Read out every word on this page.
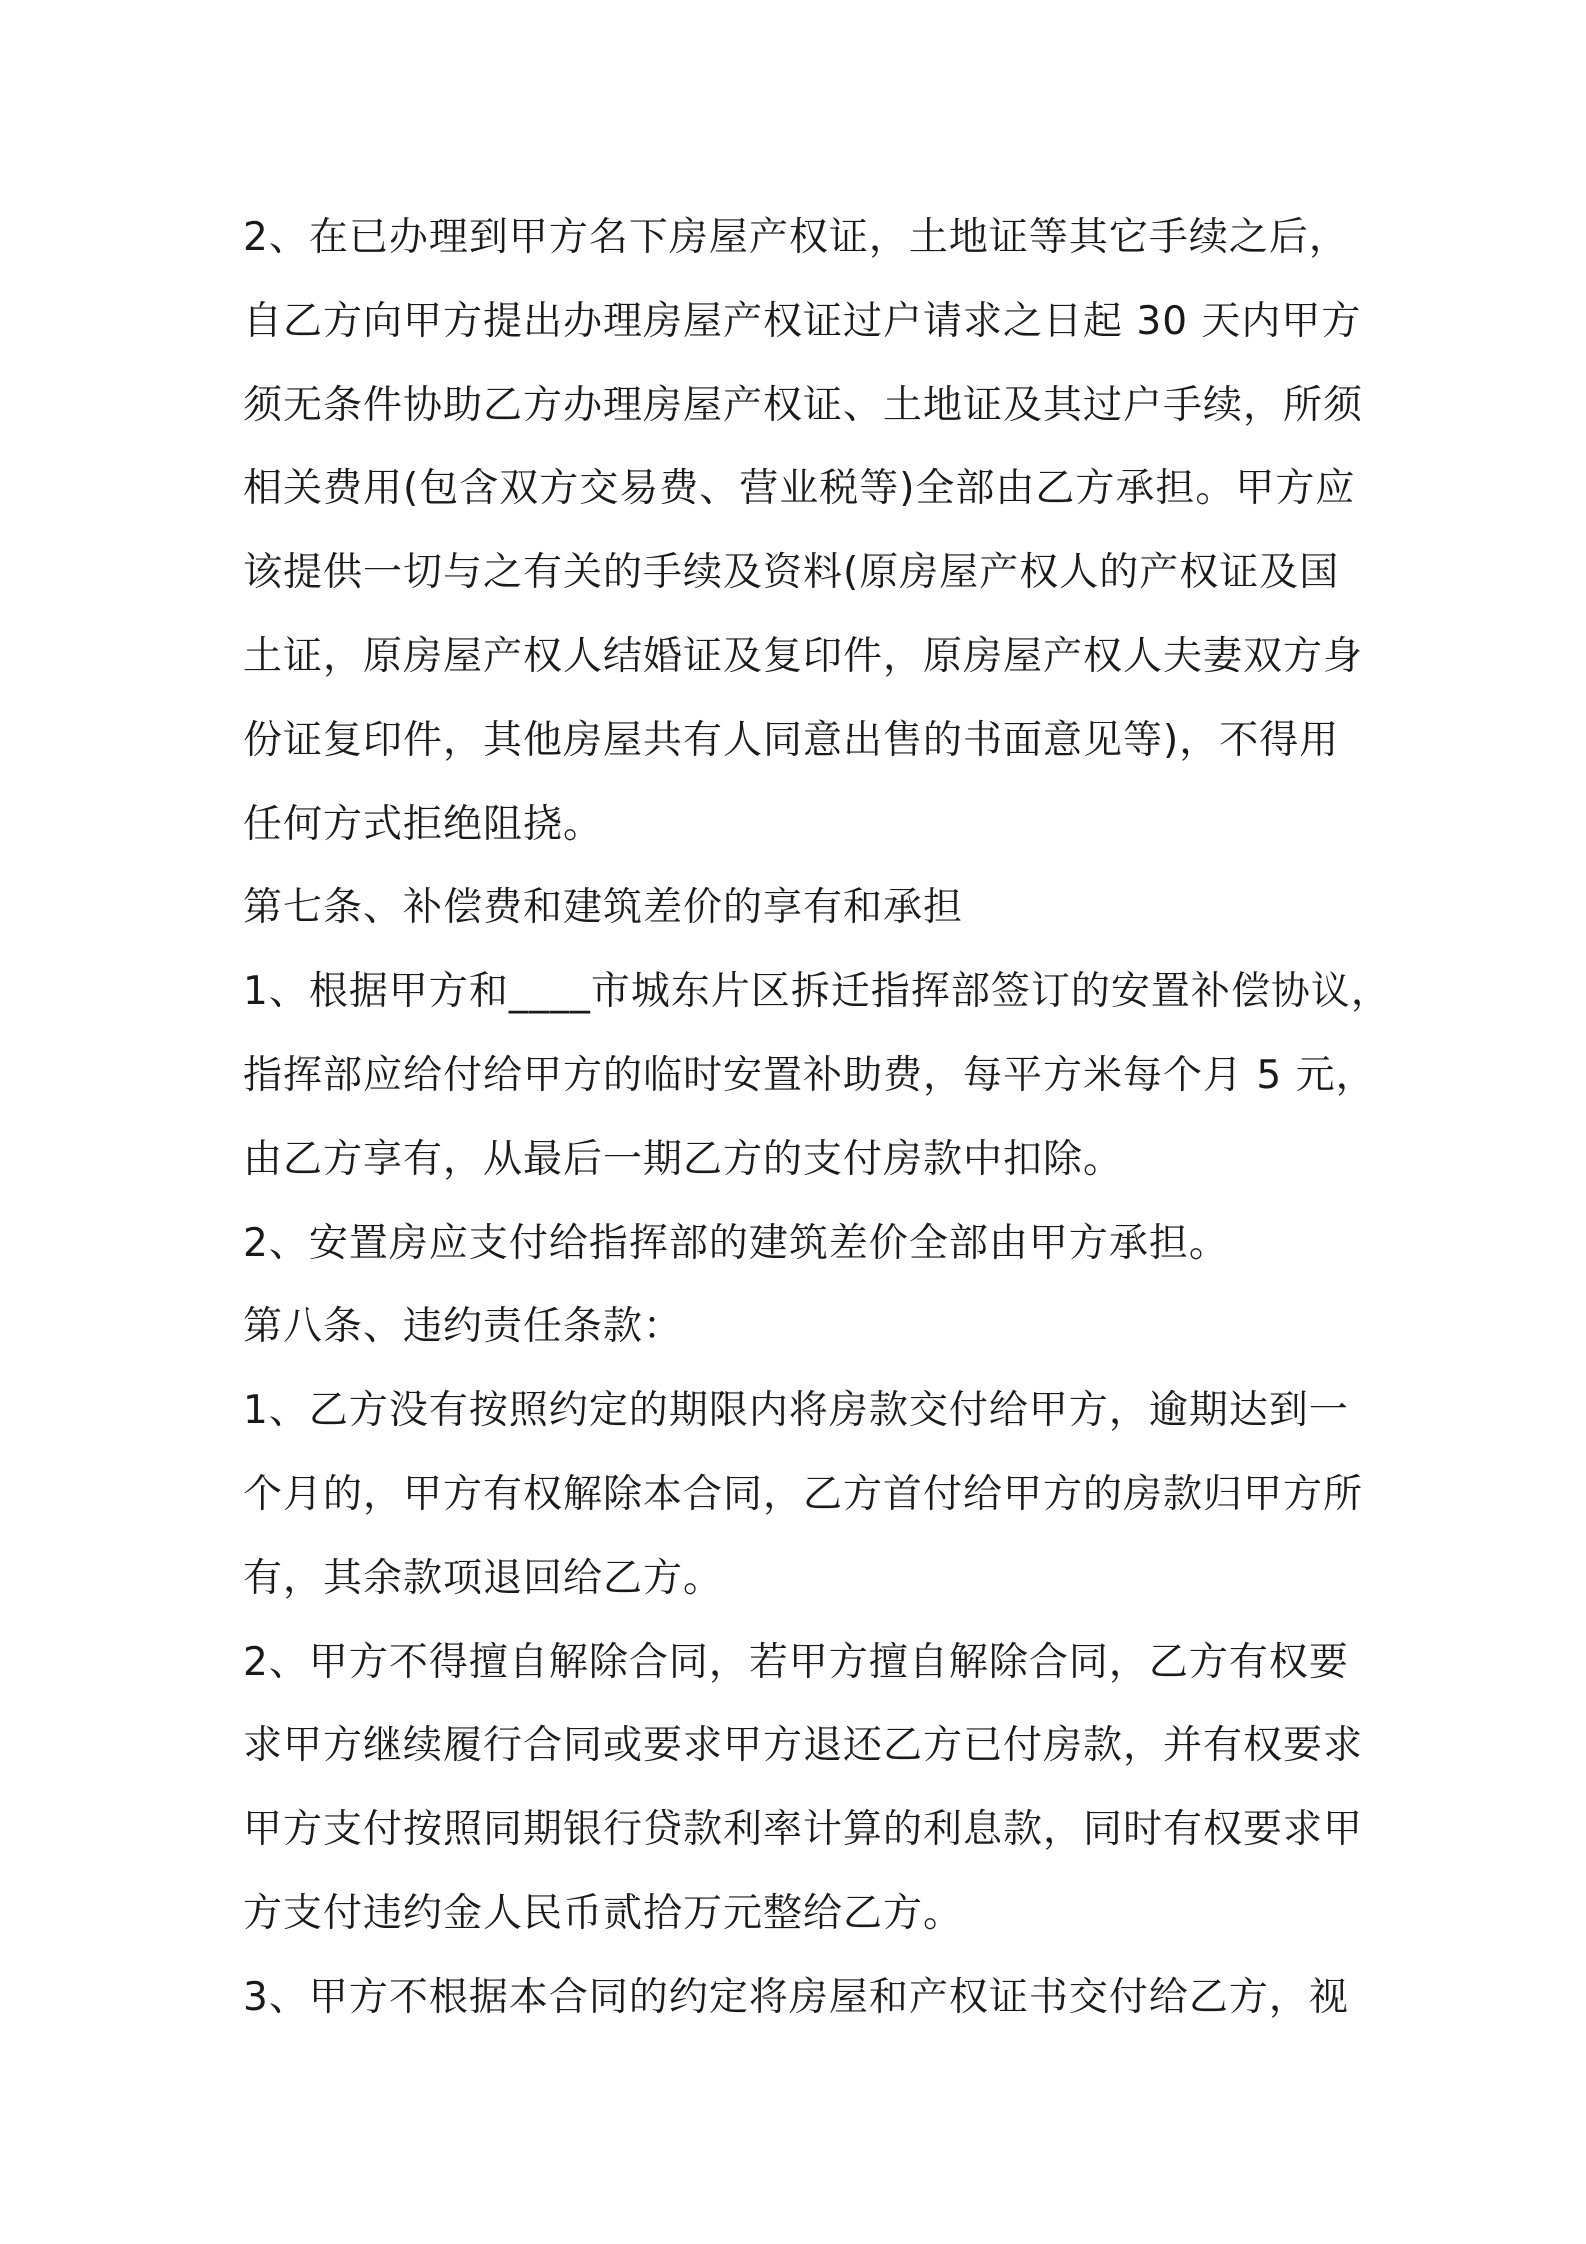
2、在已办理到甲方名下房屋产权证，土地证等其它手续之后，
自乙方向甲方提出办理房屋产权证过户请求之日起 30 天内甲方
须无条件协助乙方办理房屋产权证、土地证及其过户手续，所须
相关费用(包含双方交易费、营业税等)全部由乙方承担。甲方应
该提供一切与之有关的手续及资料(原房屋产权人的产权证及国
土证，原房屋产权人结婚证及复印件，原房屋产权人夫妻双方身
份证复印件，其他房屋共有人同意出售的书面意见等)，不得用
任何方式拒绝阻挠。
第七条、补偿费和建筑差价的享有和承担
1、根据甲方和____市城东片区拆迁指挥部签订的安置补偿协议，
指挥部应给付给甲方的临时安置补助费，每平方米每个月 5 元，
由乙方享有，从最后一期乙方的支付房款中扣除。
2、安置房应支付给指挥部的建筑差价全部由甲方承担。
第八条、违约责任条款：
1、乙方没有按照约定的期限内将房款交付给甲方，逾期达到一
个月的，甲方有权解除本合同，乙方首付给甲方的房款归甲方所
有，其余款项退回给乙方。
2、甲方不得擅自解除合同，若甲方擅自解除合同，乙方有权要
求甲方继续履行合同或要求甲方退还乙方已付房款，并有权要求
甲方支付按照同期银行贷款利率计算的利息款，同时有权要求甲
方支付违约金人民币贰拾万元整给乙方。
3、甲方不根据本合同的约定将房屋和产权证书交付给乙方，视
